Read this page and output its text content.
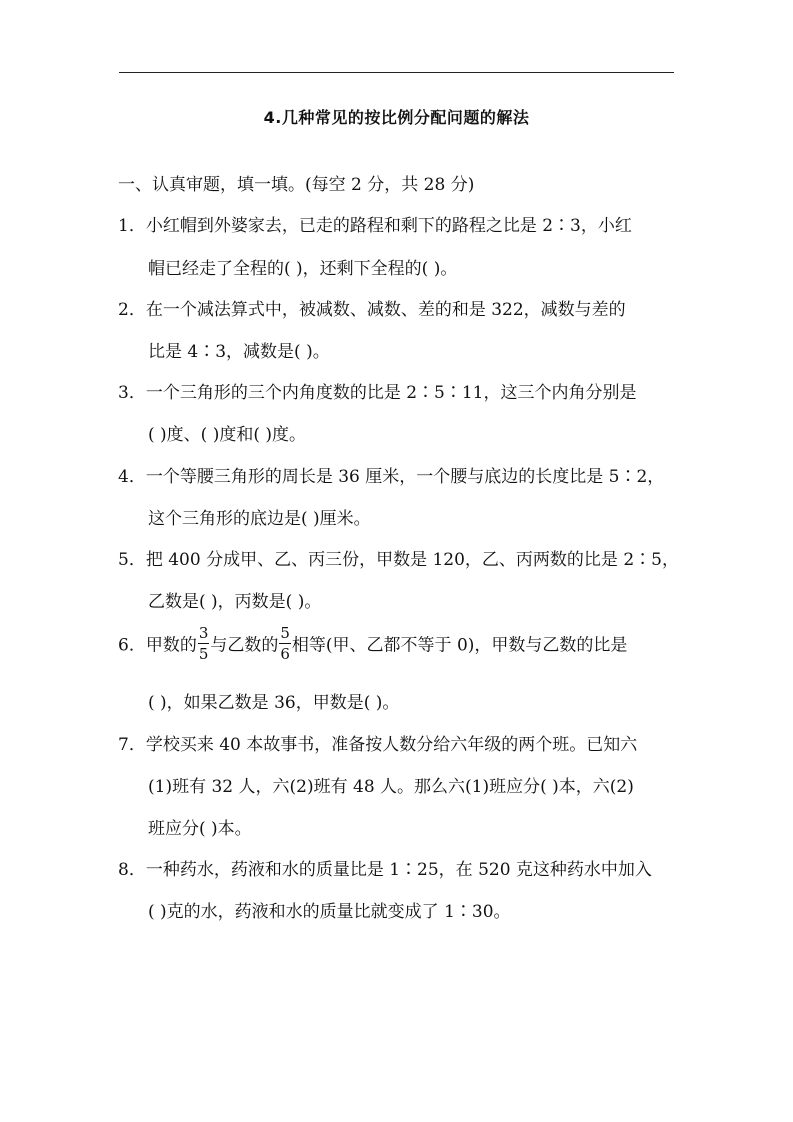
4.几种常见的按比例分配问题的解法
一、认真审题，填一填。(每空 2 分，共 28 分)
1．小红帽到外婆家去，已走的路程和剩下的路程之比是 2∶3，小红
帽已经走了全程的( )，还剩下全程的( )。
2．在一个减法算式中，被减数、减数、差的和是 322，减数与差的
比是 4∶3，减数是( )。
3．一个三角形的三个内角度数的比是 2∶5∶11，这三个内角分别是
( )度、( )度和( )度。
4．一个等腰三角形的周长是 36 厘米，一个腰与底边的长度比是 5∶2，
这个三角形的底边是( )厘米。
5．把 400 分成甲、乙、丙三份，甲数是 120，乙、丙两数的比是 2∶5，
乙数是( )，丙数是( )。
6．甲数的 $\frac{3}{5}$ 与乙数的 $\frac{5}{6}$ 相等(甲、乙都不等于 0)，甲数与乙数的比是
( )，如果乙数是 36，甲数是( )。
7．学校买来 40 本故事书，准备按人数分给六年级的两个班。已知六
(1)班有 32 人，六(2)班有 48 人。那么六(1)班应分( )本，六(2)
班应分( )本。
8．一种药水，药液和水的质量比是 1∶25，在 520 克这种药水中加入
( )克的水，药液和水的质量比就变成了 1∶30。
